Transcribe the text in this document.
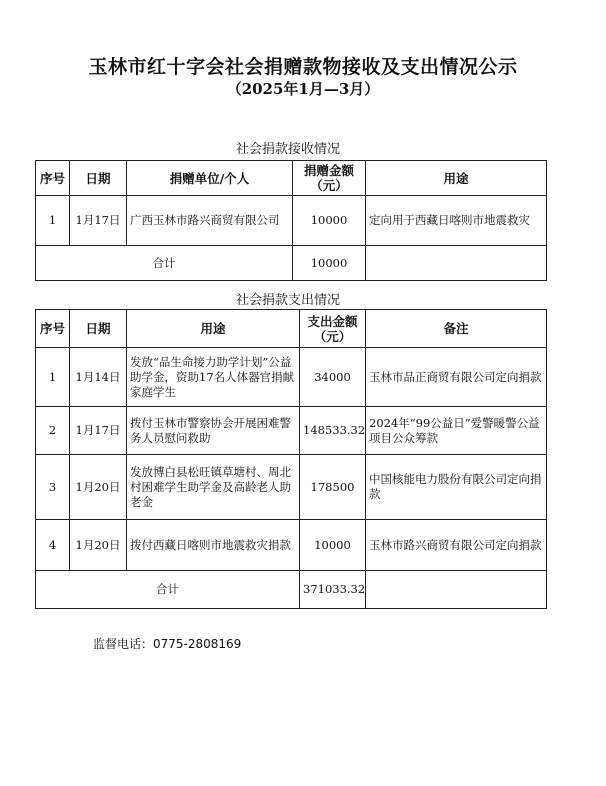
玉林市红十字会社会捐赠款物接收及支出情况公示
（2025年1月—3月）
社会捐款接收情况
序号	日期	捐赠单位/个人	捐赠金额（元）	用途
1	1月17日	广西玉林市路兴商贸有限公司	10000	定向用于西藏日喀则市地震救灾
合计			10000	
社会捐款支出情况
序号	日期	用途	支出金额（元）	备注
1	1月14日	发放“品生命接力助学计划”公益助学金，资助17名人体器官捐献家庭学生	34000	玉林市品正商贸有限公司定向捐款
2	1月17日	拨付玉林市警察协会开展困难警务人员慰问救助	148533.32	2024年“99公益日”爱警暖警公益项目公众筹款
3	1月20日	发放博白县松旺镇草塘村、周北村困难学生助学金及高龄老人助老金	178500	中国核能电力股份有限公司定向捐款
4	1月20日	拨付西藏日喀则市地震救灾捐款	10000	玉林市路兴商贸有限公司定向捐款
合计			371033.32	
监督电话：0775-2808169
